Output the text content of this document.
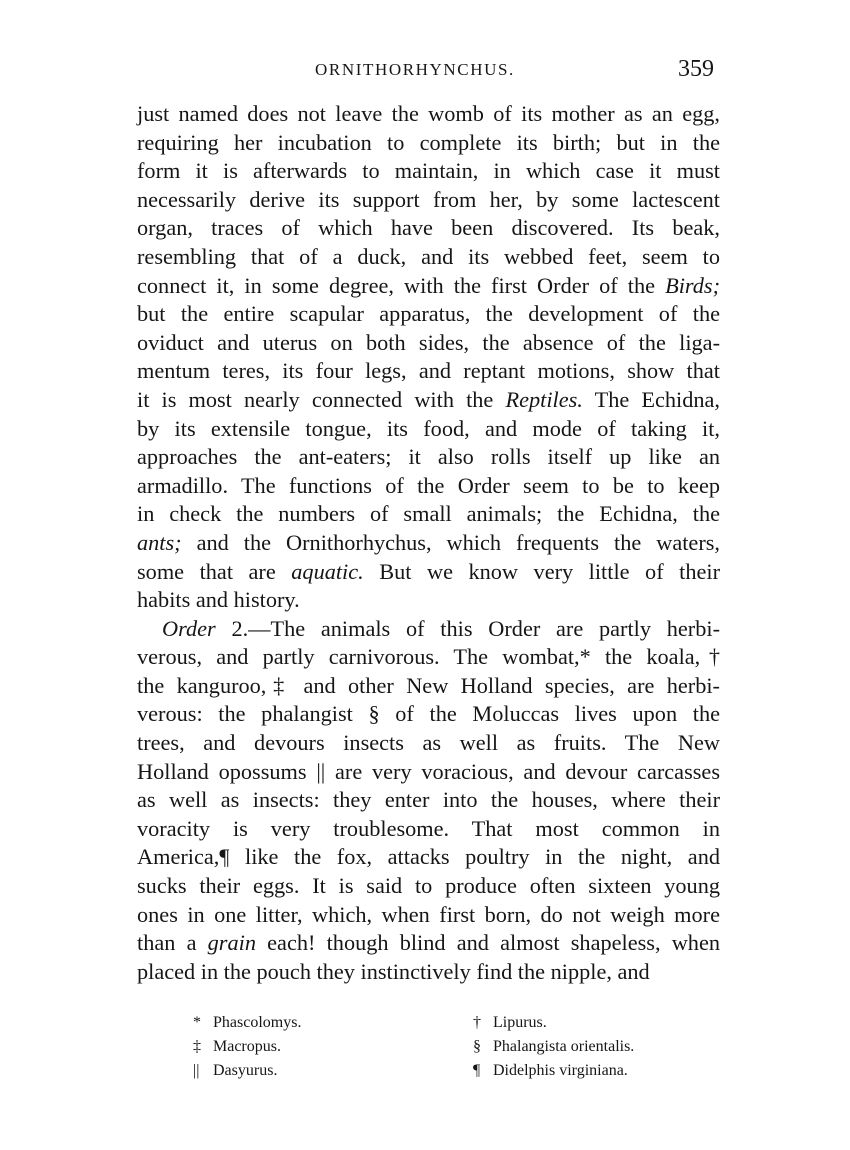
ORNITHORHYNCHUS.	359
just named does not leave the womb of its mother as an egg,
requiring her incubation to complete its birth; but in the
form it is afterwards to maintain, in which case it must
necessarily derive its support from her, by some lactescent
organ, traces of which have been discovered. Its beak,
resembling that of a duck, and its webbed feet, seem to
connect it, in some degree, with the first Order of the Birds;
but the entire scapular apparatus, the development of the
oviduct and uterus on both sides, the absence of the liga-
mentum teres, its four legs, and reptant motions, show that
it is most nearly connected with the Reptiles. The Echidna,
by its extensile tongue, its food, and mode of taking it,
approaches the ant-eaters; it also rolls itself up like an
armadillo. The functions of the Order seem to be to keep
in check the numbers of small animals; the Echidna, the
ants; and the Ornithorhychus, which frequents the waters,
some that are aquatic. But we know very little of their
habits and history.
Order 2.—The animals of this Order are partly herbi-
verous, and partly carnivorous. The wombat,* the koala,†
the kanguroo,‡ and other New Holland species, are herbi-
verous: the phalangist § of the Moluccas lives upon the
trees, and devours insects as well as fruits. The New
Holland opossums || are very voracious, and devour carcasses
as well as insects: they enter into the houses, where their
voracity is very troublesome. That most common in
America,¶ like the fox, attacks poultry in the night, and
sucks their eggs. It is said to produce often sixteen young
ones in one litter, which, when first born, do not weigh more
than a grain each! though blind and almost shapeless, when
placed in the pouch they instinctively find the nipple, and
* Phascolomys.	† Lipurus.
‡ Macropus.	§ Phalangista orientalis.
|| Dasyurus.	¶ Didelphis virginiana.
